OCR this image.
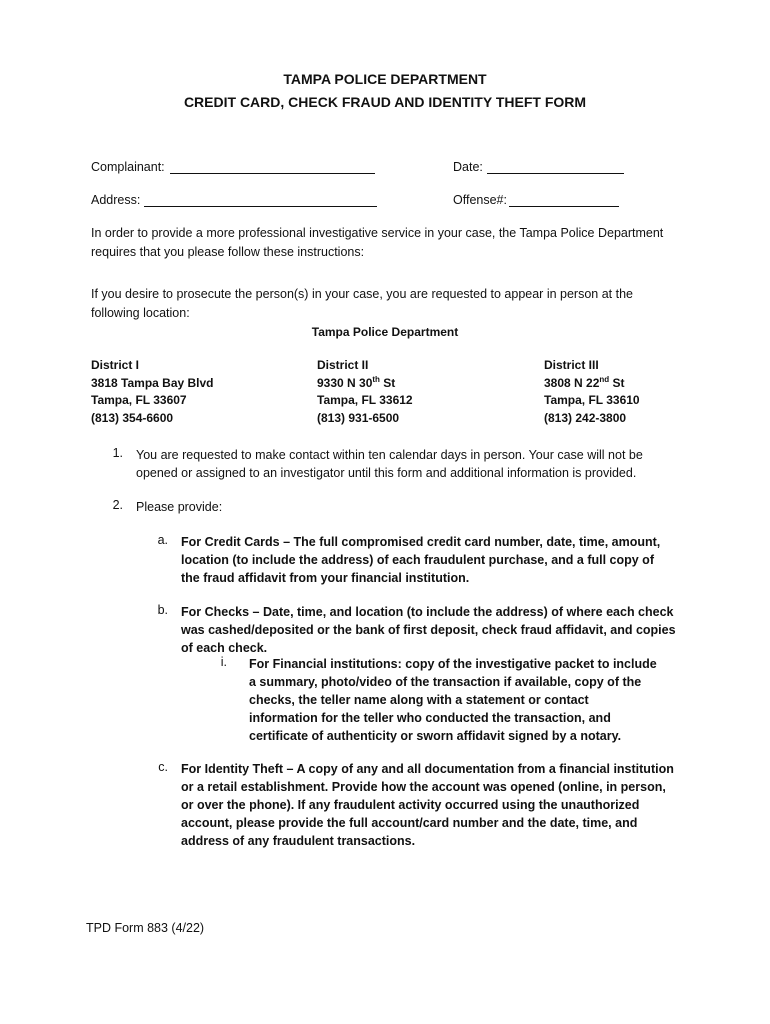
TAMPA POLICE DEPARTMENT
CREDIT CARD, CHECK FRAUD AND IDENTITY THEFT FORM
Complainant:	Date:
Address:	Offense#:
In order to provide a more professional investigative service in your case, the Tampa Police Department requires that you please follow these instructions:
If you desire to prosecute the person(s) in your case, you are requested to appear in person at the following location:
Tampa Police Department
District I
3818 Tampa Bay Blvd
Tampa, FL 33607
(813) 354-6600
District II
9330 N 30th St
Tampa, FL 33612
(813) 931-6500
District III
3808 N 22nd St
Tampa, FL 33610
(813) 242-3800
1. You are requested to make contact within ten calendar days in person. Your case will not be opened or assigned to an investigator until this form and additional information is provided.
2. Please provide:
a. For Credit Cards – The full compromised credit card number, date, time, amount, location (to include the address) of each fraudulent purchase, and a full copy of the fraud affidavit from your financial institution.
b. For Checks – Date, time, and location (to include the address) of where each check was cashed/deposited or the bank of first deposit, check fraud affidavit, and copies of each check.
i. For Financial institutions: copy of the investigative packet to include a summary, photo/video of the transaction if available, copy of the checks, the teller name along with a statement or contact information for the teller who conducted the transaction, and certificate of authenticity or sworn affidavit signed by a notary.
c. For Identity Theft – A copy of any and all documentation from a financial institution or a retail establishment. Provide how the account was opened (online, in person, or over the phone). If any fraudulent activity occurred using the unauthorized account, please provide the full account/card number and the date, time, and address of any fraudulent transactions.
TPD Form 883 (4/22)
